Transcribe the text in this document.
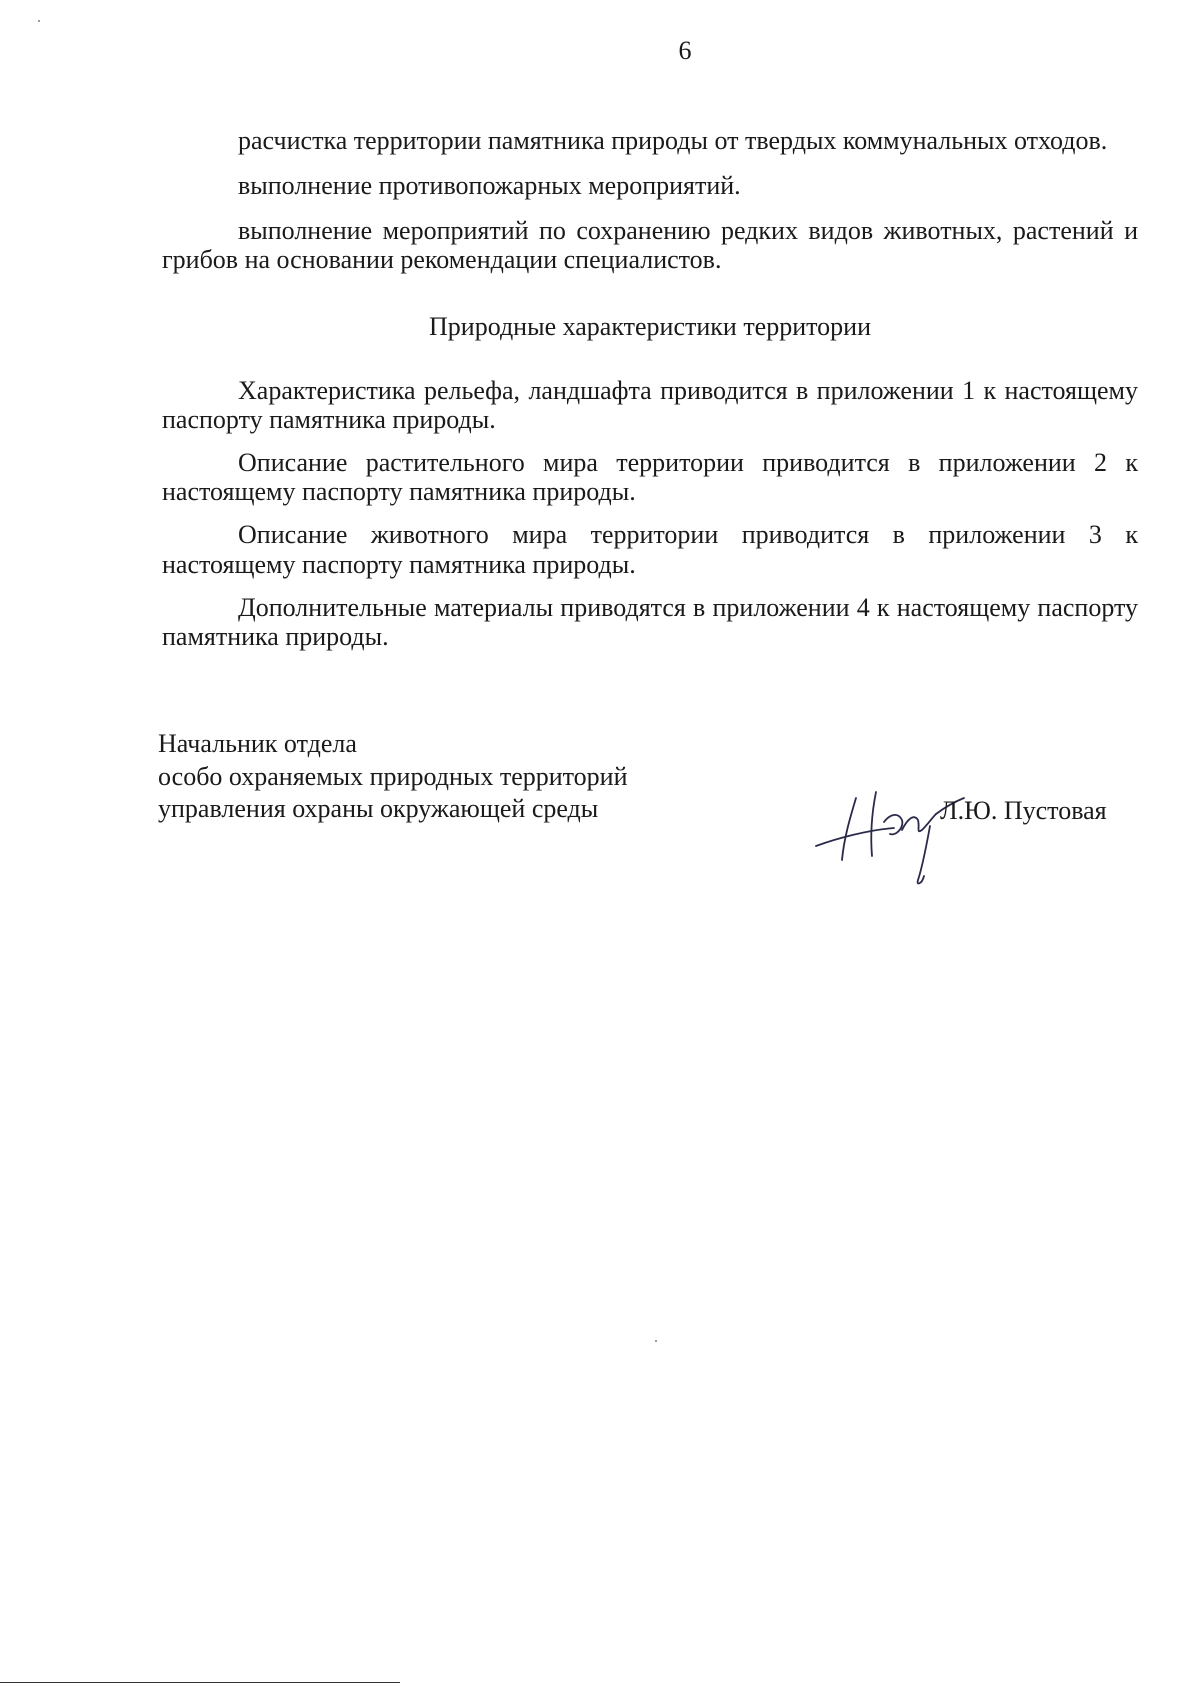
6

расчистка территории памятника природы от твердых коммунальных отходов.

выполнение противопожарных мероприятий.

выполнение мероприятий по сохранению редких видов животных, растений и грибов на основании рекомендации специалистов.

Природные характеристики территории

Характеристика рельефа, ландшафта приводится в приложении 1 к настоящему паспорту памятника природы.

Описание растительного мира территории приводится в приложении 2 к настоящему паспорту памятника природы.

Описание животного мира территории приводится в приложении 3 к настоящему паспорту памятника природы.

Дополнительные материалы приводятся в приложении 4 к настоящему паспорту памятника природы.

Начальник отдела
особо охраняемых природных территорий
управления охраны окружающей среды	Л.Ю. Пустовая
